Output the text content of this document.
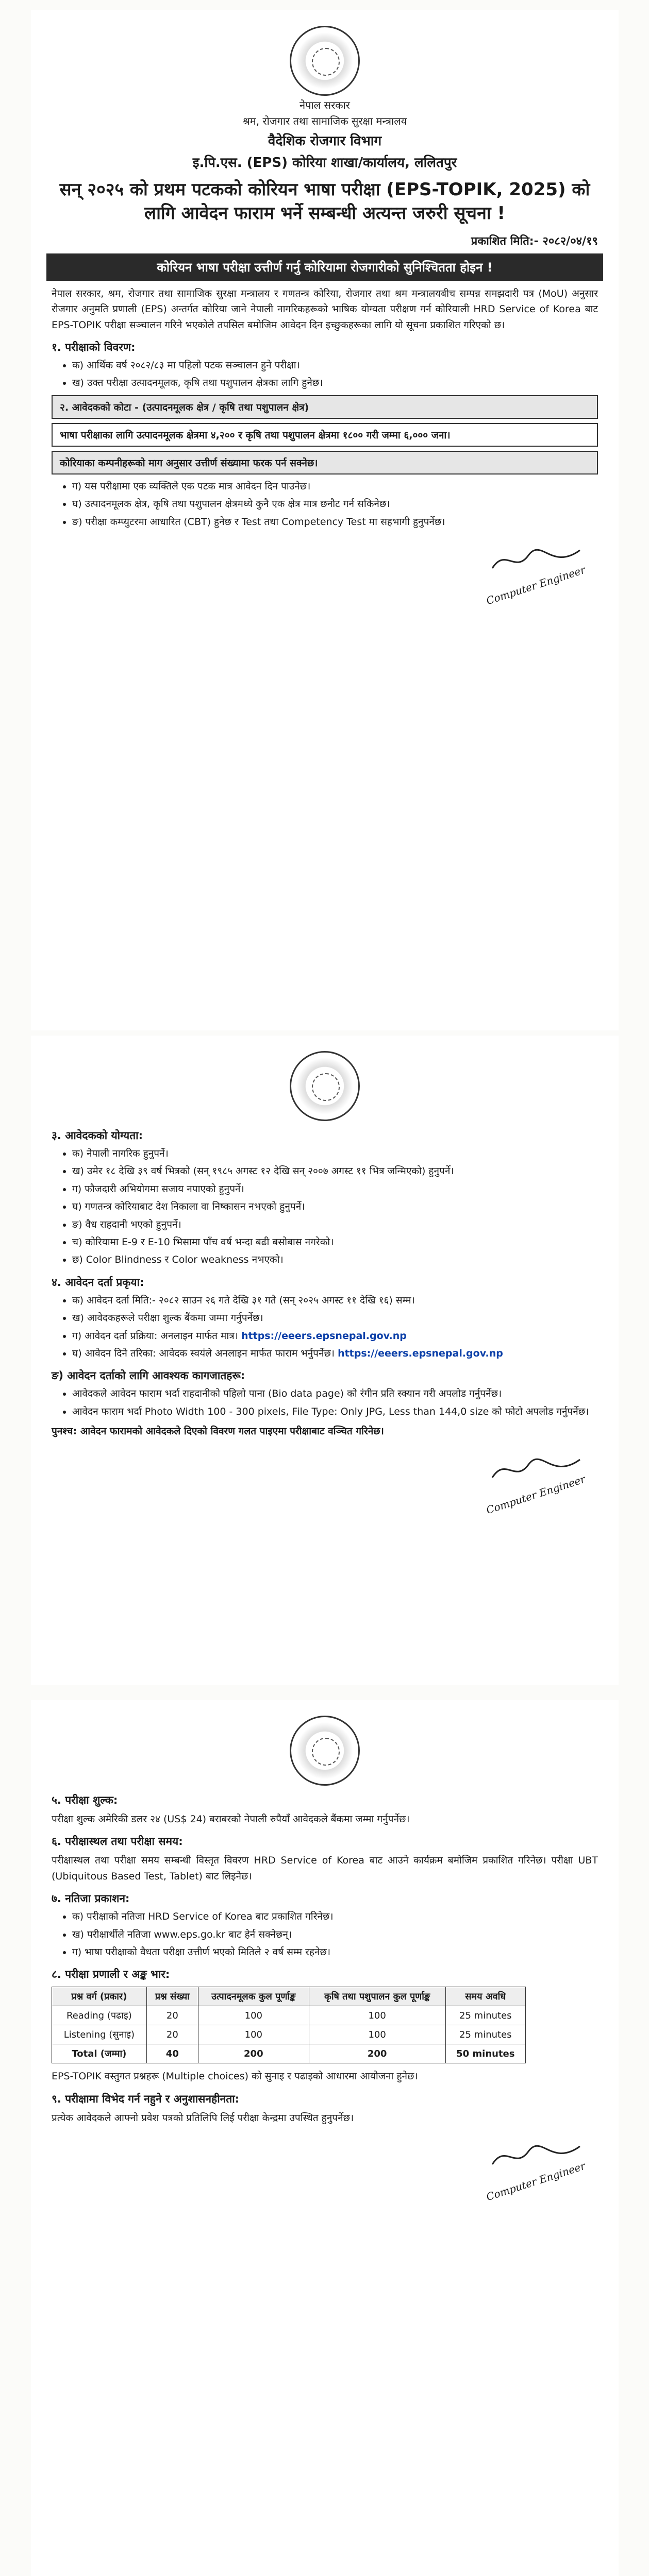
नेपाल सरकार
श्रम, रोजगार तथा सामाजिक सुरक्षा मन्त्रालय
वैदेशिक रोजगार विभाग
इ.पि.एस. (EPS) कोरिया शाखा/कार्यालय, ललितपुर
सन् २०२५ को प्रथम पटकको कोरियन भाषा परीक्षा (EPS-TOPIK, 2025) को लागि आवेदन फाराम भर्ने सम्बन्धी अत्यन्त जरुरी सूचना !
प्रकाशित मिति:- २०८२/०४/१९
कोरियन भाषा परीक्षा उत्तीर्ण गर्नु कोरियामा रोजगारीको सुनिश्चितता होइन !

नेपाल सरकार, श्रम, रोजगार तथा सामाजिक सुरक्षा मन्त्रालय र गणतन्त्र कोरिया, रोजगार तथा श्रम मन्त्रालयबीच सम्पन्न समझदारी पत्र (MoU) अनुसार रोजगार अनुमति प्रणाली (EPS) अन्तर्गत कोरिया जाने नेपाली नागरिकहरूको भाषिक योग्यता परीक्षण गर्न कोरियाली HRD Service of Korea बाट EPS-TOPIK परीक्षा सञ्चालन गरिने भएकोले तपसिल बमोजिम आवेदन दिन इच्छुकहरूका लागि यो सूचना प्रकाशित गरिएको छ।

१. परीक्षाको विवरण:
• क) आर्थिक वर्ष २०८२/८३ मा पहिलो पटक सञ्चालन हुने परीक्षा।
• ख) उक्त परीक्षा उत्पादनमूलक, कृषि तथा पशुपालन क्षेत्रका लागि हुनेछ।
२. आवेदकको कोटा - (उत्पादनमूलक क्षेत्र / कृषि तथा पशुपालन क्षेत्र)
भाषा परीक्षाका लागि उत्पादनमूलक क्षेत्रमा ४,२०० र कृषि तथा पशुपालन क्षेत्रमा १८०० गरी जम्मा ६,००० जना।
कोरियाका कम्पनीहरूको माग अनुसार उत्तीर्ण संख्यामा फरक पर्न सक्नेछ।
• ग) यस परीक्षामा एक व्यक्तिले एक पटक मात्र आवेदन दिन पाउनेछ।
• घ) उत्पादनमूलक क्षेत्र, कृषि तथा पशुपालन क्षेत्रमध्ये कुनै एक क्षेत्र मात्र छनौट गर्न सकिनेछ।
• ङ) परीक्षा कम्प्युटरमा आधारित (CBT) हुनेछ र Test तथा Competency Test मा सहभागी हुनुपर्नेछ।
Computer Engineer
३. आवेदकको योग्यता:
• क) नेपाली नागरिक हुनुपर्ने।
• ख) उमेर १८ देखि ३९ वर्ष भित्रको (सन् १९८५ अगस्ट १२ देखि सन् २००७ अगस्ट ११ भित्र जन्मिएको) हुनुपर्ने।
• ग) फौजदारी अभियोगमा सजाय नपाएको हुनुपर्ने।
• घ) गणतन्त्र कोरियाबाट देश निकाला वा निष्कासन नभएको हुनुपर्ने।
• ङ) वैध राहदानी भएको हुनुपर्ने।
• च) कोरियामा E-9 र E-10 भिसामा पाँच वर्ष भन्दा बढी बसोबास नगरेको।
• छ) Color Blindness र Color weakness नभएको।
४. आवेदन दर्ता प्रकृया:
• क) आवेदन दर्ता मिति:- २०८२ साउन २६ गते देखि ३१ गते (सन् २०२५ अगस्ट ११ देखि १६) सम्म।
• ख) आवेदकहरूले परीक्षा शुल्क बैंकमा जम्मा गर्नुपर्नेछ।
• ग) आवेदन दर्ता प्रक्रिया: अनलाइन मार्फत मात्र। https://eeers.epsnepal.gov.np
• घ) आवेदन दिने तरिका: आवेदक स्वयंले अनलाइन मार्फत फाराम भर्नुपर्नेछ। https://eeers.epsnepal.gov.np
ङ) आवेदन दर्ताको लागि आवश्यक कागजातहरू:
• आवेदकले आवेदन फाराम भर्दा राहदानीको पहिलो पाना (Bio data page) को रंगीन प्रति स्क्यान गरी अपलोड गर्नुपर्नेछ।
• आवेदन फाराम भर्दा Photo Width 100 - 300 pixels, File Type: Only JPG, Less than 144,0 size को फोटो अपलोड गर्नुपर्नेछ।

पुनश्च: आवेदन फारामको आवेदकले दिएको विवरण गलत पाइएमा परीक्षाबाट वञ्चित गरिनेछ।

Computer Engineer
५. परीक्षा शुल्क:

परीक्षा शुल्क अमेरिकी डलर २४ (US$ 24) बराबरको नेपाली रुपैयाँ आवेदकले बैंकमा जम्मा गर्नुपर्नेछ।

६. परीक्षास्थल तथा परीक्षा समय:

परीक्षास्थल तथा परीक्षा समय सम्बन्धी विस्तृत विवरण HRD Service of Korea बाट आउने कार्यक्रम बमोजिम प्रकाशित गरिनेछ। परीक्षा UBT (Ubiquitous Based Test, Tablet) बाट लिइनेछ।

७. नतिजा प्रकाशन:
• क) परीक्षाको नतिजा HRD Service of Korea बाट प्रकाशित गरिनेछ।
• ख) परीक्षार्थीले नतिजा www.eps.go.kr बाट हेर्न सक्नेछन्।
• ग) भाषा परीक्षाको वैधता परीक्षा उत्तीर्ण भएको मितिले २ वर्ष सम्म रहनेछ।
८. परीक्षा प्रणाली र अङ्क भार:
प्रश्न वर्ग (प्रकार)	प्रश्न संख्या	उत्पादनमूलक कुल पूर्णाङ्क	कृषि तथा पशुपालन कुल पूर्णाङ्क	समय अवधि
Reading (पढाइ)	20	100	100	25 minutes
Listening (सुनाइ)	20	100	100	25 minutes
Total (जम्मा)	40	200	200	50 minutes

EPS-TOPIK वस्तुगत प्रश्नहरू (Multiple choices) को सुनाइ र पढाइको आधारमा आयोजना हुनेछ।

९. परीक्षामा विभेद गर्न नहुने र अनुशासनहीनता:

प्रत्येक आवेदकले आफ्नो प्रवेश पत्रको प्रतिलिपि लिई परीक्षा केन्द्रमा उपस्थित हुनुपर्नेछ।

Computer Engineer
